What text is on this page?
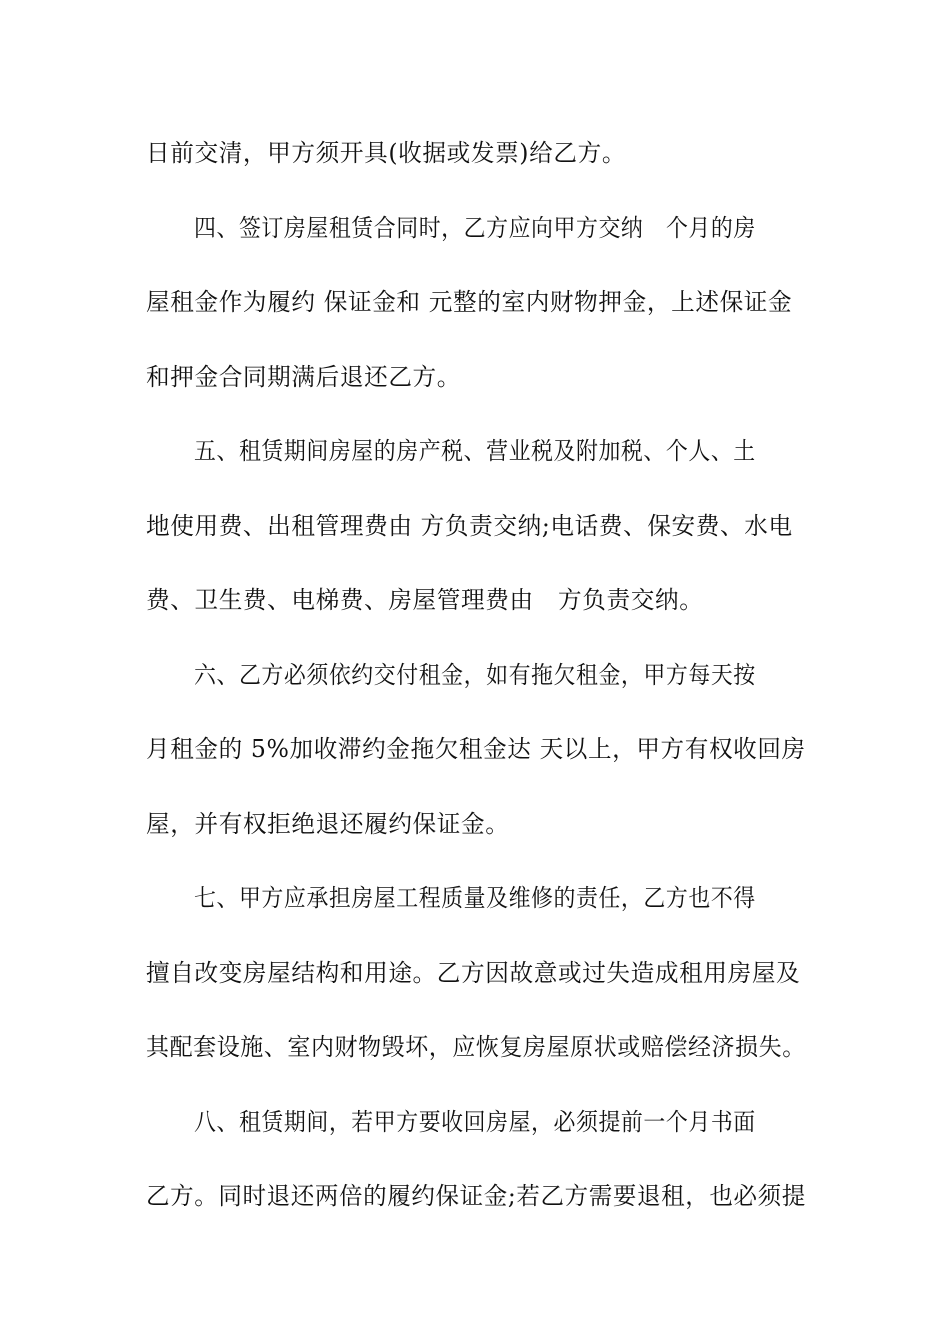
日前交清，甲方须开具(收据或发票)给乙方。
四、签订房屋租赁合同时，乙方应向甲方交纳   个月的房
屋租金作为履约 保证金和 元整的室内财物押金，上述保证金
和押金合同期满后退还乙方。
五、租赁期间房屋的房产税、营业税及附加税、个人、土
地使用费、出租管理费由 方负责交纳;电话费、保安费、水电
费、卫生费、电梯费、房屋管理费由   方负责交纳。
六、乙方必须依约交付租金，如有拖欠租金，甲方每天按
月租金的 5%加收滞约金拖欠租金达 天以上，甲方有权收回房
屋，并有权拒绝退还履约保证金。
七、甲方应承担房屋工程质量及维修的责任，乙方也不得
擅自改变房屋结构和用途。乙方因故意或过失造成租用房屋及
其配套设施、室内财物毁坏，应恢复房屋原状或赔偿经济损失。
八、租赁期间，若甲方要收回房屋，必须提前一个月书面
乙方。同时退还两倍的履约保证金;若乙方需要退租，也必须提
